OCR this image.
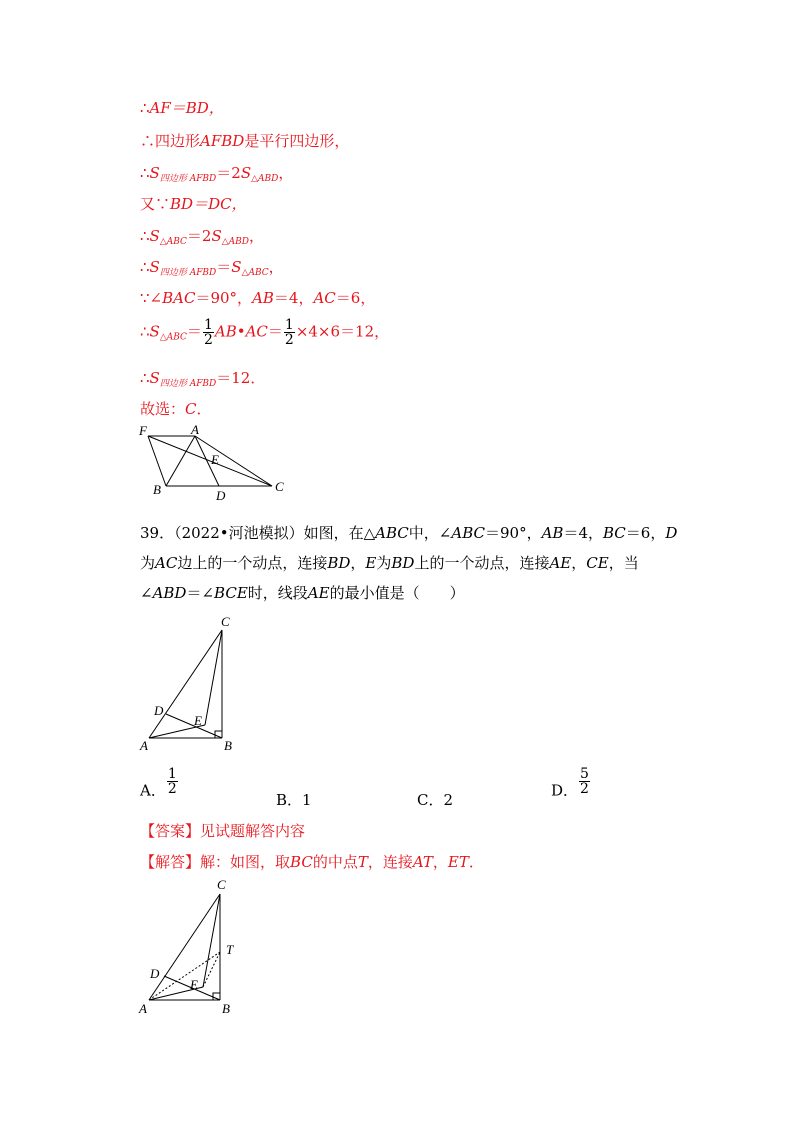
∴AF＝BD，
∴四边形AFBD是平行四边形，
$\therefore S_{四边形 AFBD}=2S_{\triangle ABD}$，
又∵BD＝DC，
$\therefore S_{\triangle ABC}=2S_{\triangle ABD}$，
$\therefore S_{四边形 AFBD}=S_{\triangle ABC}$，
∵∠BAC＝90°，AB＝4，AC＝6，
$\therefore S_{\triangle ABC}= \frac{1}{2}$ AB•AC＝ $\frac{1}{2} \times 4\times 6=12$，
$\therefore S_{四边形 AFBD}=12$．
故选：C．
F	A
E
B	D
C
39．（2022•河池模拟）如图，在△ABC中，∠ABC＝90°，AB＝4，BC＝6，D
为AC边上的一个动点，连接BD，E为BD上的一个动点，连接AE，CE，当
∠ABD＝∠BCE时，线段AE的最小值是（　　）
C
D
E
A	B
A． $\frac{1}{2}$
B．1	C．2
D． $\frac{5}{2}$
【答案】见试题解答内容
【解答】解：如图，取BC的中点T，连接AT，ET．
C
T
D
E
A	B
